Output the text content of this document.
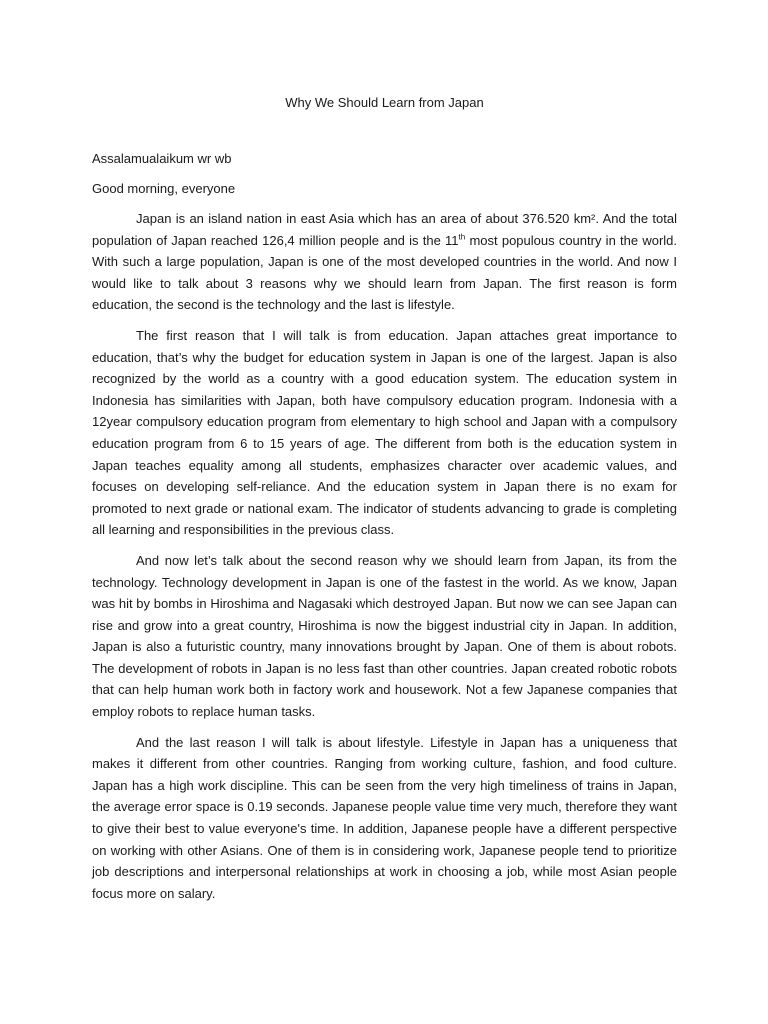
Why We Should Learn from Japan
Assalamualaikum wr wb
Good morning, everyone

Japan is an island nation in east Asia which has an area of about 376.520 km². And the total population of Japan reached 126,4 million people and is the 11th most populous country in the world. With such a large population, Japan is one of the most developed countries in the world. And now I would like to talk about 3 reasons why we should learn from Japan. The first reason is form education, the second is the technology and the last is lifestyle.

The first reason that I will talk is from education. Japan attaches great importance to education, that’s why the budget for education system in Japan is one of the largest. Japan is also recognized by the world as a country with a good education system. The education system in Indonesia has similarities with Japan, both have compulsory education program. Indonesia with a 12year compulsory education program from elementary to high school and Japan with a compulsory education program from 6 to 15 years of age. The different from both is the education system in Japan teaches equality among all students, emphasizes character over academic values, and focuses on developing self-reliance. And the education system in Japan there is no exam for promoted to next grade or national exam. The indicator of students advancing to grade is completing all learning and responsibilities in the previous class.

And now let’s talk about the second reason why we should learn from Japan, its from the technology. Technology development in Japan is one of the fastest in the world. As we know, Japan was hit by bombs in Hiroshima and Nagasaki which destroyed Japan. But now we can see Japan can rise and grow into a great country, Hiroshima is now the biggest industrial city in Japan. In addition, Japan is also a futuristic country, many innovations brought by Japan. One of them is about robots. The development of robots in Japan is no less fast than other countries. Japan created robotic robots that can help human work both in factory work and housework. Not a few Japanese companies that employ robots to replace human tasks.

And the last reason I will talk is about lifestyle. Lifestyle in Japan has a uniqueness that makes it different from other countries. Ranging from working culture, fashion, and food culture. Japan has a high work discipline. This can be seen from the very high timeliness of trains in Japan, the average error space is 0.19 seconds. Japanese people value time very much, therefore they want to give their best to value everyone's time. In addition, Japanese people have a different perspective on working with other Asians. One of them is in considering work, Japanese people tend to prioritize job descriptions and interpersonal relationships at work in choosing a job, while most Asian people focus more on salary.
